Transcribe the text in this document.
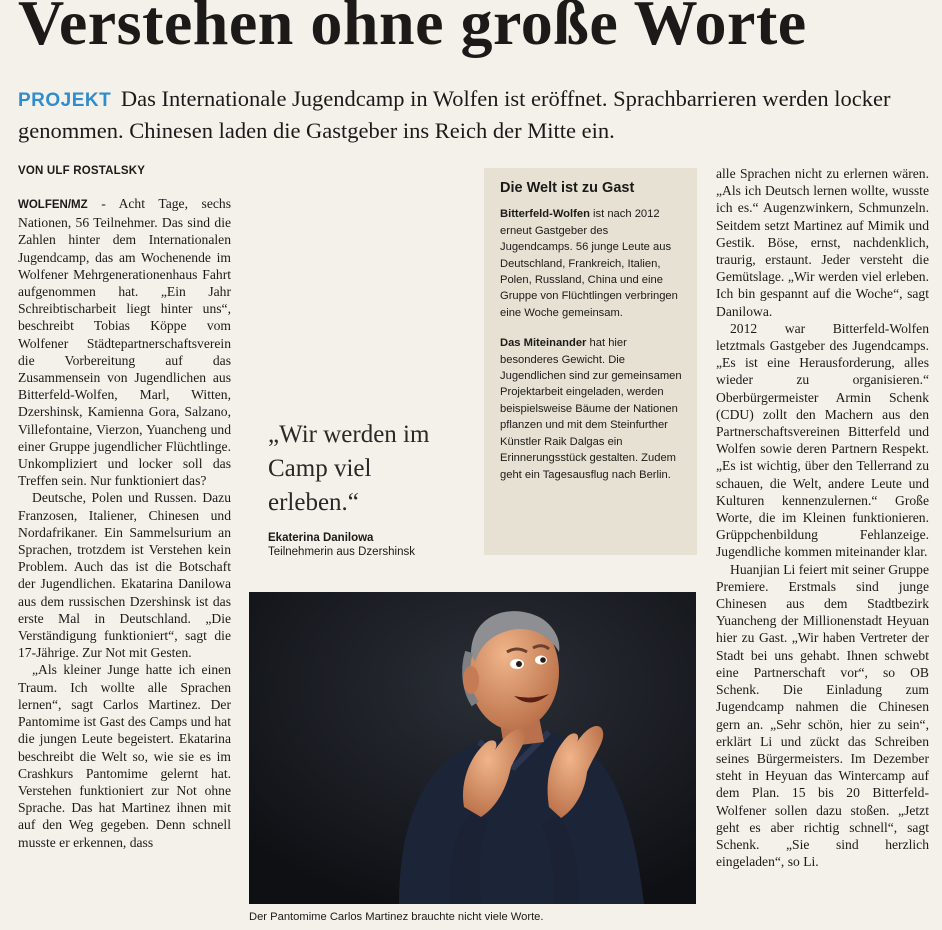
Verstehen ohne große Worte
PROJEKT Das Internationale Jugendcamp in Wolfen ist eröffnet. Sprachbarrieren werden locker genommen. Chinesen laden die Gastgeber ins Reich der Mitte ein.
VON ULF ROSTALSKY

WOLFEN/MZ - Acht Tage, sechs Nationen, 56 Teilnehmer. Das sind die Zahlen hinter dem Internationalen Jugendcamp, das am Wochenende im Wolfener Mehrgenerationenhaus Fahrt aufgenommen hat. „Ein Jahr Schreibtischarbeit liegt hinter uns“, beschreibt Tobias Köppe vom Wolfener Städtepartnerschaftsverein die Vorbereitung auf das Zusammensein von Jugendlichen aus Bitterfeld-Wolfen, Marl, Witten, Dzershinsk, Kamienna Gora, Salzano, Villefontaine, Vierzon, Yuancheng und einer Gruppe jugendlicher Flüchtlinge. Unkompliziert und locker soll das Treffen sein. Nur funktioniert das?

Deutsche, Polen und Russen. Dazu Franzosen, Italiener, Chinesen und Nordafrikaner. Ein Sammelsurium an Sprachen, trotzdem ist Verstehen kein Problem. Auch das ist die Botschaft der Jugendlichen. Ekatarina Danilowa aus dem russischen Dzershinsk ist das erste Mal in Deutschland. „Die Verständigung funktioniert“, sagt die 17-Jährige. Zur Not mit Gesten.

„Als kleiner Junge hatte ich einen Traum. Ich wollte alle Sprachen lernen“, sagt Carlos Martinez. Der Pantomime ist Gast des Camps und hat die jungen Leute begeistert. Ekatarina beschreibt die Welt so, wie sie es im Crashkurs Pantomime gelernt hat. Verstehen funktioniert zur Not ohne Sprache. Das hat Martinez ihnen mit auf den Weg gegeben. Denn schnell musste er erkennen, dass

„Wir werden im Camp viel erleben.“
Ekaterina Danilowa
Teilnehmerin aus Dzershinsk
Die Welt ist zu Gast

Bitterfeld-Wolfen ist nach 2012 erneut Gastgeber des Jugendcamps. 56 junge Leute aus Deutschland, Frankreich, Italien, Polen, Russland, China und eine Gruppe von Flüchtlingen verbringen eine Woche gemeinsam.

Das Miteinander hat hier besonderes Gewicht. Die Jugendlichen sind zur gemeinsamen Projektarbeit eingeladen, werden beispielsweise Bäume der Nationen pflanzen und mit dem Steinfurther Künstler Raik Dalgas ein Erinnerungsstück gestalten. Zudem geht ein Tagesausflug nach Berlin.

Der Pantomime Carlos Martinez brauchte nicht viele Worte.

alle Sprachen nicht zu erlernen wären. „Als ich Deutsch lernen wollte, wusste ich es.“ Augenzwinkern, Schmunzeln. Seitdem setzt Martinez auf Mimik und Gestik. Böse, ernst, nachdenklich, traurig, erstaunt. Jeder versteht die Gemütslage. „Wir werden viel erleben. Ich bin gespannt auf die Woche“, sagt Danilowa.

2012 war Bitterfeld-Wolfen letztmals Gastgeber des Jugendcamps. „Es ist eine Herausforderung, alles wieder zu organisieren.“ Oberbürgermeister Armin Schenk (CDU) zollt den Machern aus den Partnerschaftsvereinen Bitterfeld und Wolfen sowie deren Partnern Respekt. „Es ist wichtig, über den Tellerrand zu schauen, die Welt, andere Leute und Kulturen kennenzulernen.“ Große Worte, die im Kleinen funktionieren. Grüppchenbildung Fehlanzeige. Jugendliche kommen miteinander klar.

Huanjian Li feiert mit seiner Gruppe Premiere. Erstmals sind junge Chinesen aus dem Stadtbezirk Yuancheng der Millionenstadt Heyuan hier zu Gast. „Wir haben Vertreter der Stadt bei uns gehabt. Ihnen schwebt eine Partnerschaft vor“, so OB Schenk. Die Einladung zum Jugendcamp nahmen die Chinesen gern an. „Sehr schön, hier zu sein“, erklärt Li und zückt das Schreiben seines Bürgermeisters. Im Dezember steht in Heyuan das Wintercamp auf dem Plan. 15 bis 20 Bitterfeld-Wolfener sollen dazu stoßen. „Jetzt geht es aber richtig schnell“, sagt Schenk. „Sie sind herzlich eingeladen“, so Li.
